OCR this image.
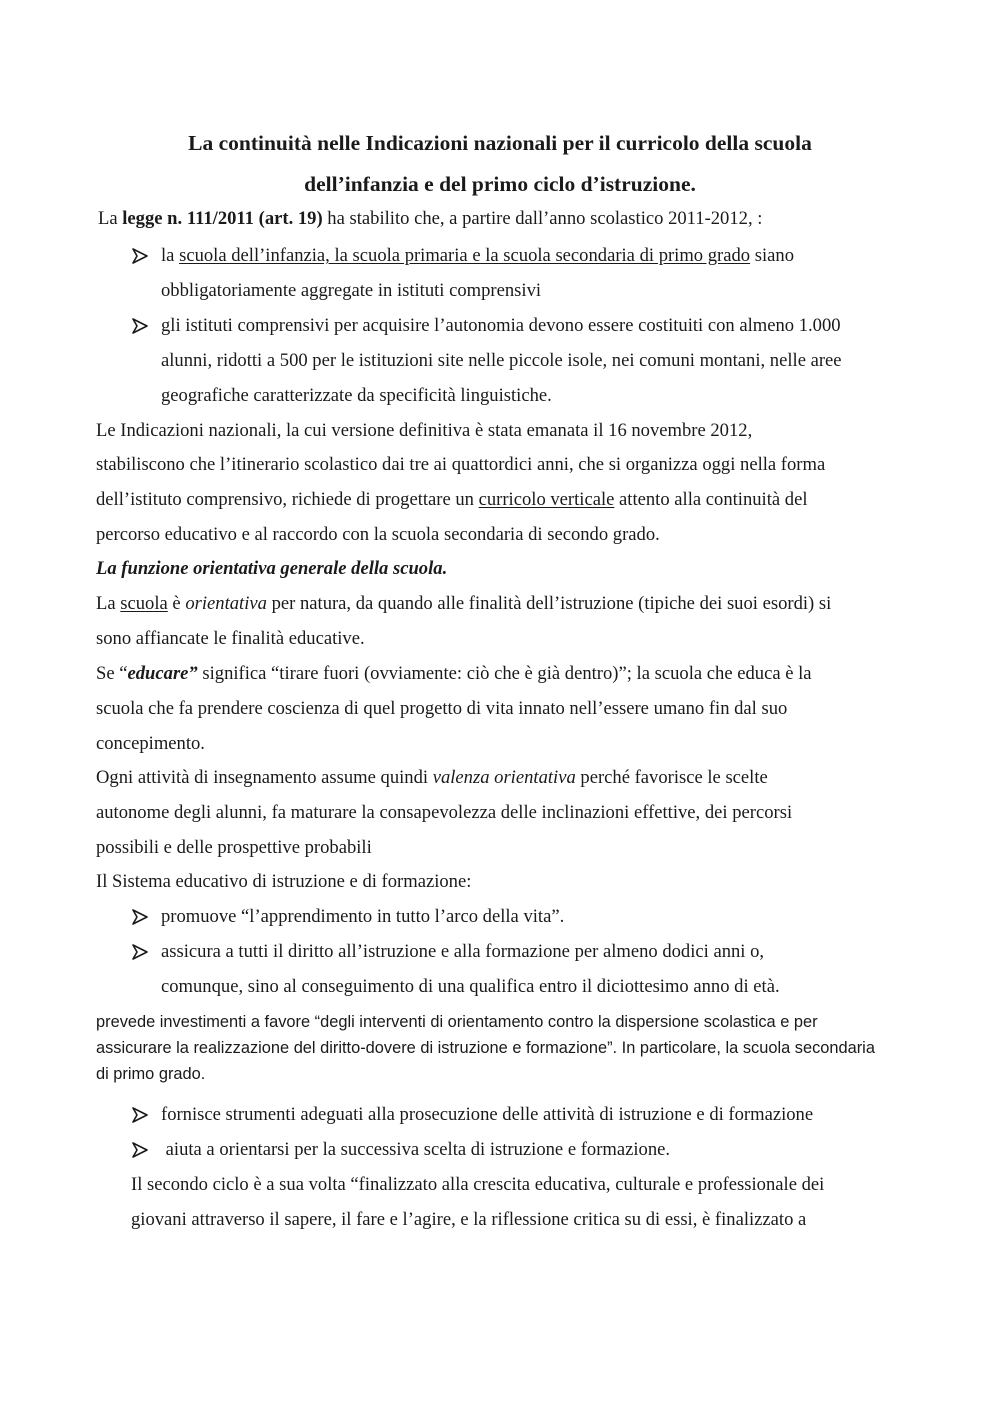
La continuità nelle Indicazioni nazionali per il curricolo della scuola
dell’infanzia e del primo ciclo d’istruzione.
La legge n. 111/2011 (art. 19) ha stabilito che, a partire dall’anno scolastico 2011-2012, :
la scuola dell’infanzia, la scuola primaria e la scuola secondaria di primo grado siano
obbligatoriamente aggregate in istituti comprensivi
gli istituti comprensivi per acquisire l’autonomia devono essere costituiti con almeno 1.000
alunni, ridotti a 500 per le istituzioni site nelle piccole isole, nei comuni montani, nelle aree
geografiche caratterizzate da specificità linguistiche.
Le Indicazioni nazionali, la cui versione definitiva è stata emanata il 16 novembre 2012,
stabiliscono che l’itinerario scolastico dai tre ai quattordici anni, che si organizza oggi nella forma
dell’istituto comprensivo, richiede di progettare un curricolo verticale attento alla continuità del
percorso educativo e al raccordo con la scuola secondaria di secondo grado.
La funzione orientativa generale della scuola.
La scuola è orientativa per natura, da quando alle finalità dell’istruzione (tipiche dei suoi esordi) si
sono affiancate le finalità educative.
Se “educare” significa “tirare fuori (ovviamente: ciò che è già dentro)”; la scuola che educa è la
scuola che fa prendere coscienza di quel progetto di vita innato nell’essere umano fin dal suo
concepimento.
Ogni attività di insegnamento assume quindi valenza orientativa perché favorisce le scelte
autonome degli alunni, fa maturare la consapevolezza delle inclinazioni effettive, dei percorsi
possibili e delle prospettive probabili
Il Sistema educativo di istruzione e di formazione:
promuove “l’apprendimento in tutto l’arco della vita”.
assicura a tutti il diritto all’istruzione e alla formazione per almeno dodici anni o,
comunque, sino al conseguimento di una qualifica entro il diciottesimo anno di età.
prevede investimenti a favore “degli interventi di orientamento contro la dispersione scolastica e per
assicurare la realizzazione del diritto-dovere di istruzione e formazione”. In particolare, la scuola secondaria
di primo grado.
fornisce strumenti adeguati alla prosecuzione delle attività di istruzione e di formazione
aiuta a orientarsi per la successiva scelta di istruzione e formazione.
Il secondo ciclo è a sua volta “finalizzato alla crescita educativa, culturale e professionale dei
giovani attraverso il sapere, il fare e l’agire, e la riflessione critica su di essi, è finalizzato a
